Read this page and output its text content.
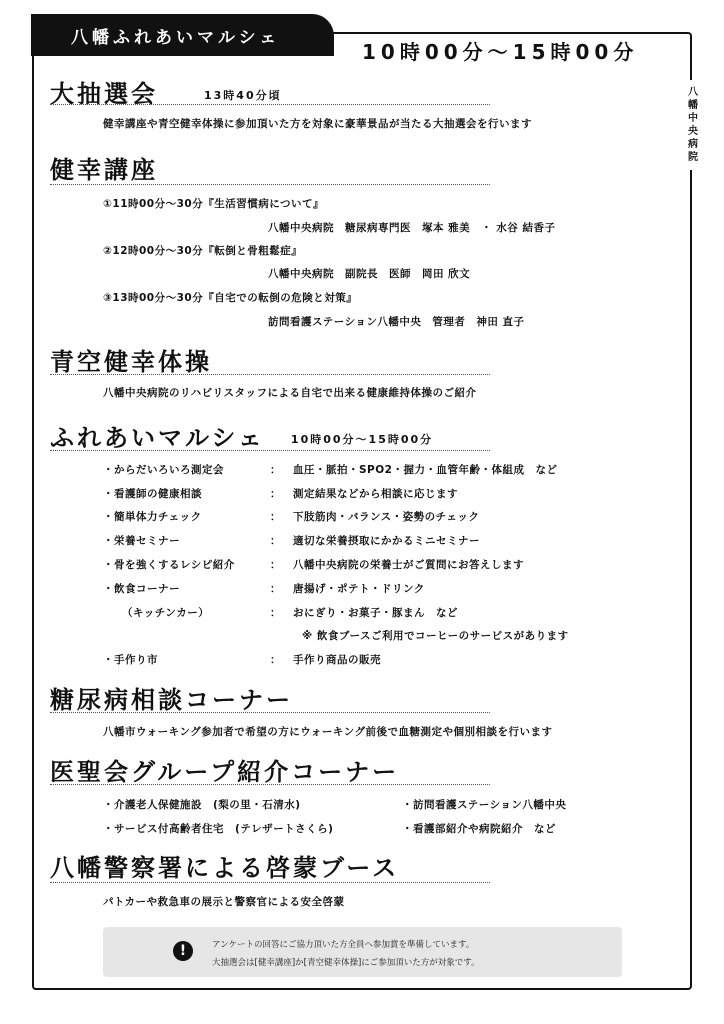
八幡ふれあいマルシェ
10時00分〜15時00分
八
幡
中
央
病
院
大抽選会	13時40分頃
健幸講座や青空健幸体操に参加頂いた方を対象に豪華景品が当たる大抽選会を行います
健幸講座
①11時00分〜30分『生活習慣病について』
八幡中央病院　糖尿病専門医　塚本 雅美　・ 水谷 結香子
②12時00分〜30分『転倒と骨粗鬆症』
八幡中央病院　副院長　医師　岡田 欣文
③13時00分〜30分『自宅での転倒の危険と対策』
訪問看護ステーション八幡中央　管理者　神田 直子
青空健幸体操
八幡中央病院のリハビリスタッフによる自宅で出来る健康維持体操のご紹介
ふれあいマルシェ 10時00分〜15時00分
・からだいろいろ測定会	： 血圧・脈拍・SPO2・握力・血管年齢・体組成　など
・看護師の健康相談	： 測定結果などから相談に応じます
・簡単体力チェック	： 下肢筋肉・バランス・姿勢のチェック
・栄養セミナー	： 適切な栄養摂取にかかるミニセミナー
・骨を強くするレシピ紹介	： 八幡中央病院の栄養士がご質問にお答えします
・飲食コーナー	： 唐揚げ・ポテト・ドリンク
（キッチンカー）	： おにぎり・お菓子・豚まん　など
※ 飲食ブースご利用でコーヒーのサービスがあります
・手作り市	： 手作り商品の販売
糖尿病相談コーナー
八幡市ウォーキング参加者で希望の方にウォーキング前後で血糖測定や個別相談を行います
医聖会グループ紹介コーナー
・介護老人保健施設　(梨の里・石清水)	・訪問看護ステーション八幡中央
・サービス付高齢者住宅　(テレザートさくら)	・看護部紹介や病院紹介　など
八幡警察署による啓蒙ブース
パトカーや救急車の展示と警察官による安全啓蒙
!	アンケートの回答にご協力頂いた方全員へ参加賞を準備しています。
大抽選会は[健幸講座]か[青空健幸体操]にご参加頂いた方が対象です。
